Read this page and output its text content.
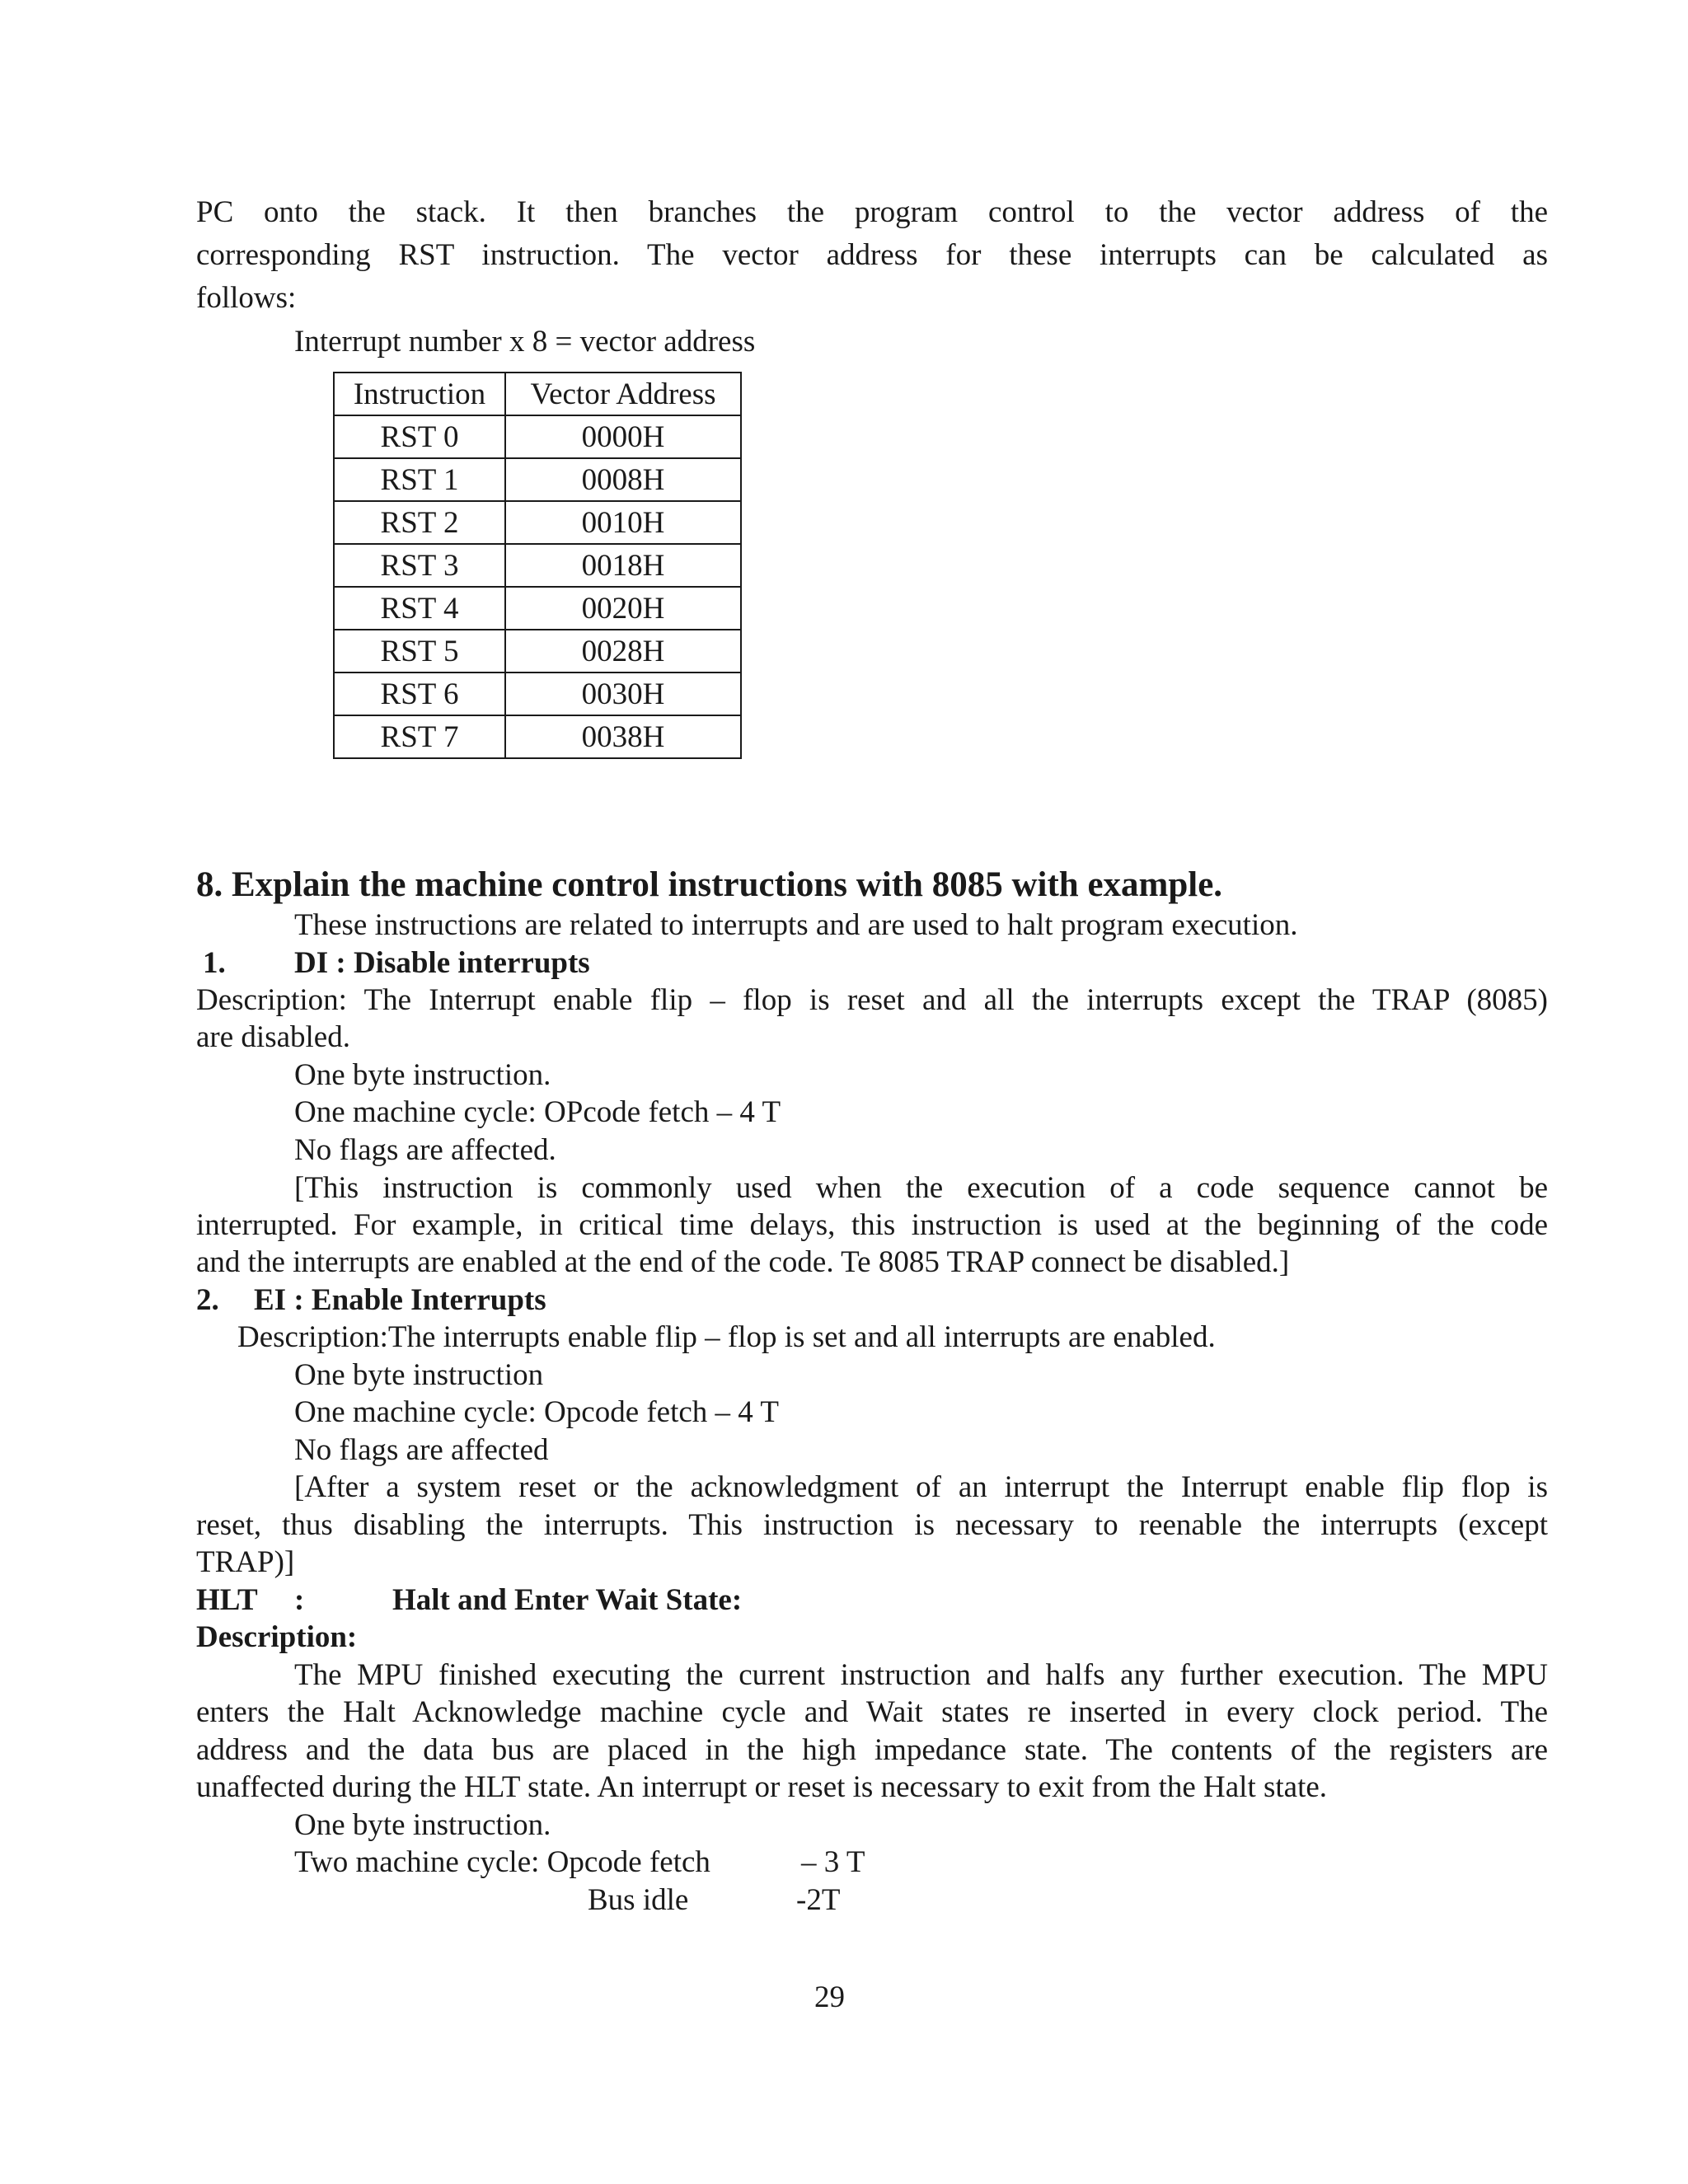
PC onto the stack. It then branches the program control to the vector address of the
corresponding RST instruction. The vector address for these interrupts can be calculated as
follows:
Interrupt number x 8 = vector address
Instruction	Vector Address
RST 0	0000H
RST 1	0008H
RST 2	0010H
RST 3	0018H
RST 4	0020H
RST 5	0028H
RST 6	0030H
RST 7	0038H
8. Explain the machine control instructions with 8085 with example.
These instructions are related to interrupts and are used to halt program execution.
1. DI : Disable interrupts
Description: The Interrupt enable flip – flop is reset and all the interrupts except the TRAP (8085)
are disabled.
One byte instruction.
One machine cycle: OPcode fetch – 4 T
No flags are affected.
[This instruction is commonly used when the execution of a code sequence cannot be
interrupted. For example, in critical time delays, this instruction is used at the beginning of the code
and the interrupts are enabled at the end of the code. Te 8085 TRAP connect be disabled.]
2. EI : Enable Interrupts
Description:The interrupts enable flip – flop is set and all interrupts are enabled.
One byte instruction
One machine cycle: Opcode fetch – 4 T
No flags are affected
[After a system reset or the acknowledgment of an interrupt the Interrupt enable flip flop is
reset, thus disabling the interrupts. This instruction is necessary to reenable the interrupts (except
TRAP)]
HLT :	Halt and Enter Wait State:
Description:
The MPU finished executing the current instruction and halfs any further execution. The MPU
enters the Halt Acknowledge machine cycle and Wait states re inserted in every clock period. The
address and the data bus are placed in the high impedance state. The contents of the registers are
unaffected during the HLT state. An interrupt or reset is necessary to exit from the Halt state.
One byte instruction.
Two machine cycle: Opcode fetch	– 3 T
Bus idle	-2T
29
